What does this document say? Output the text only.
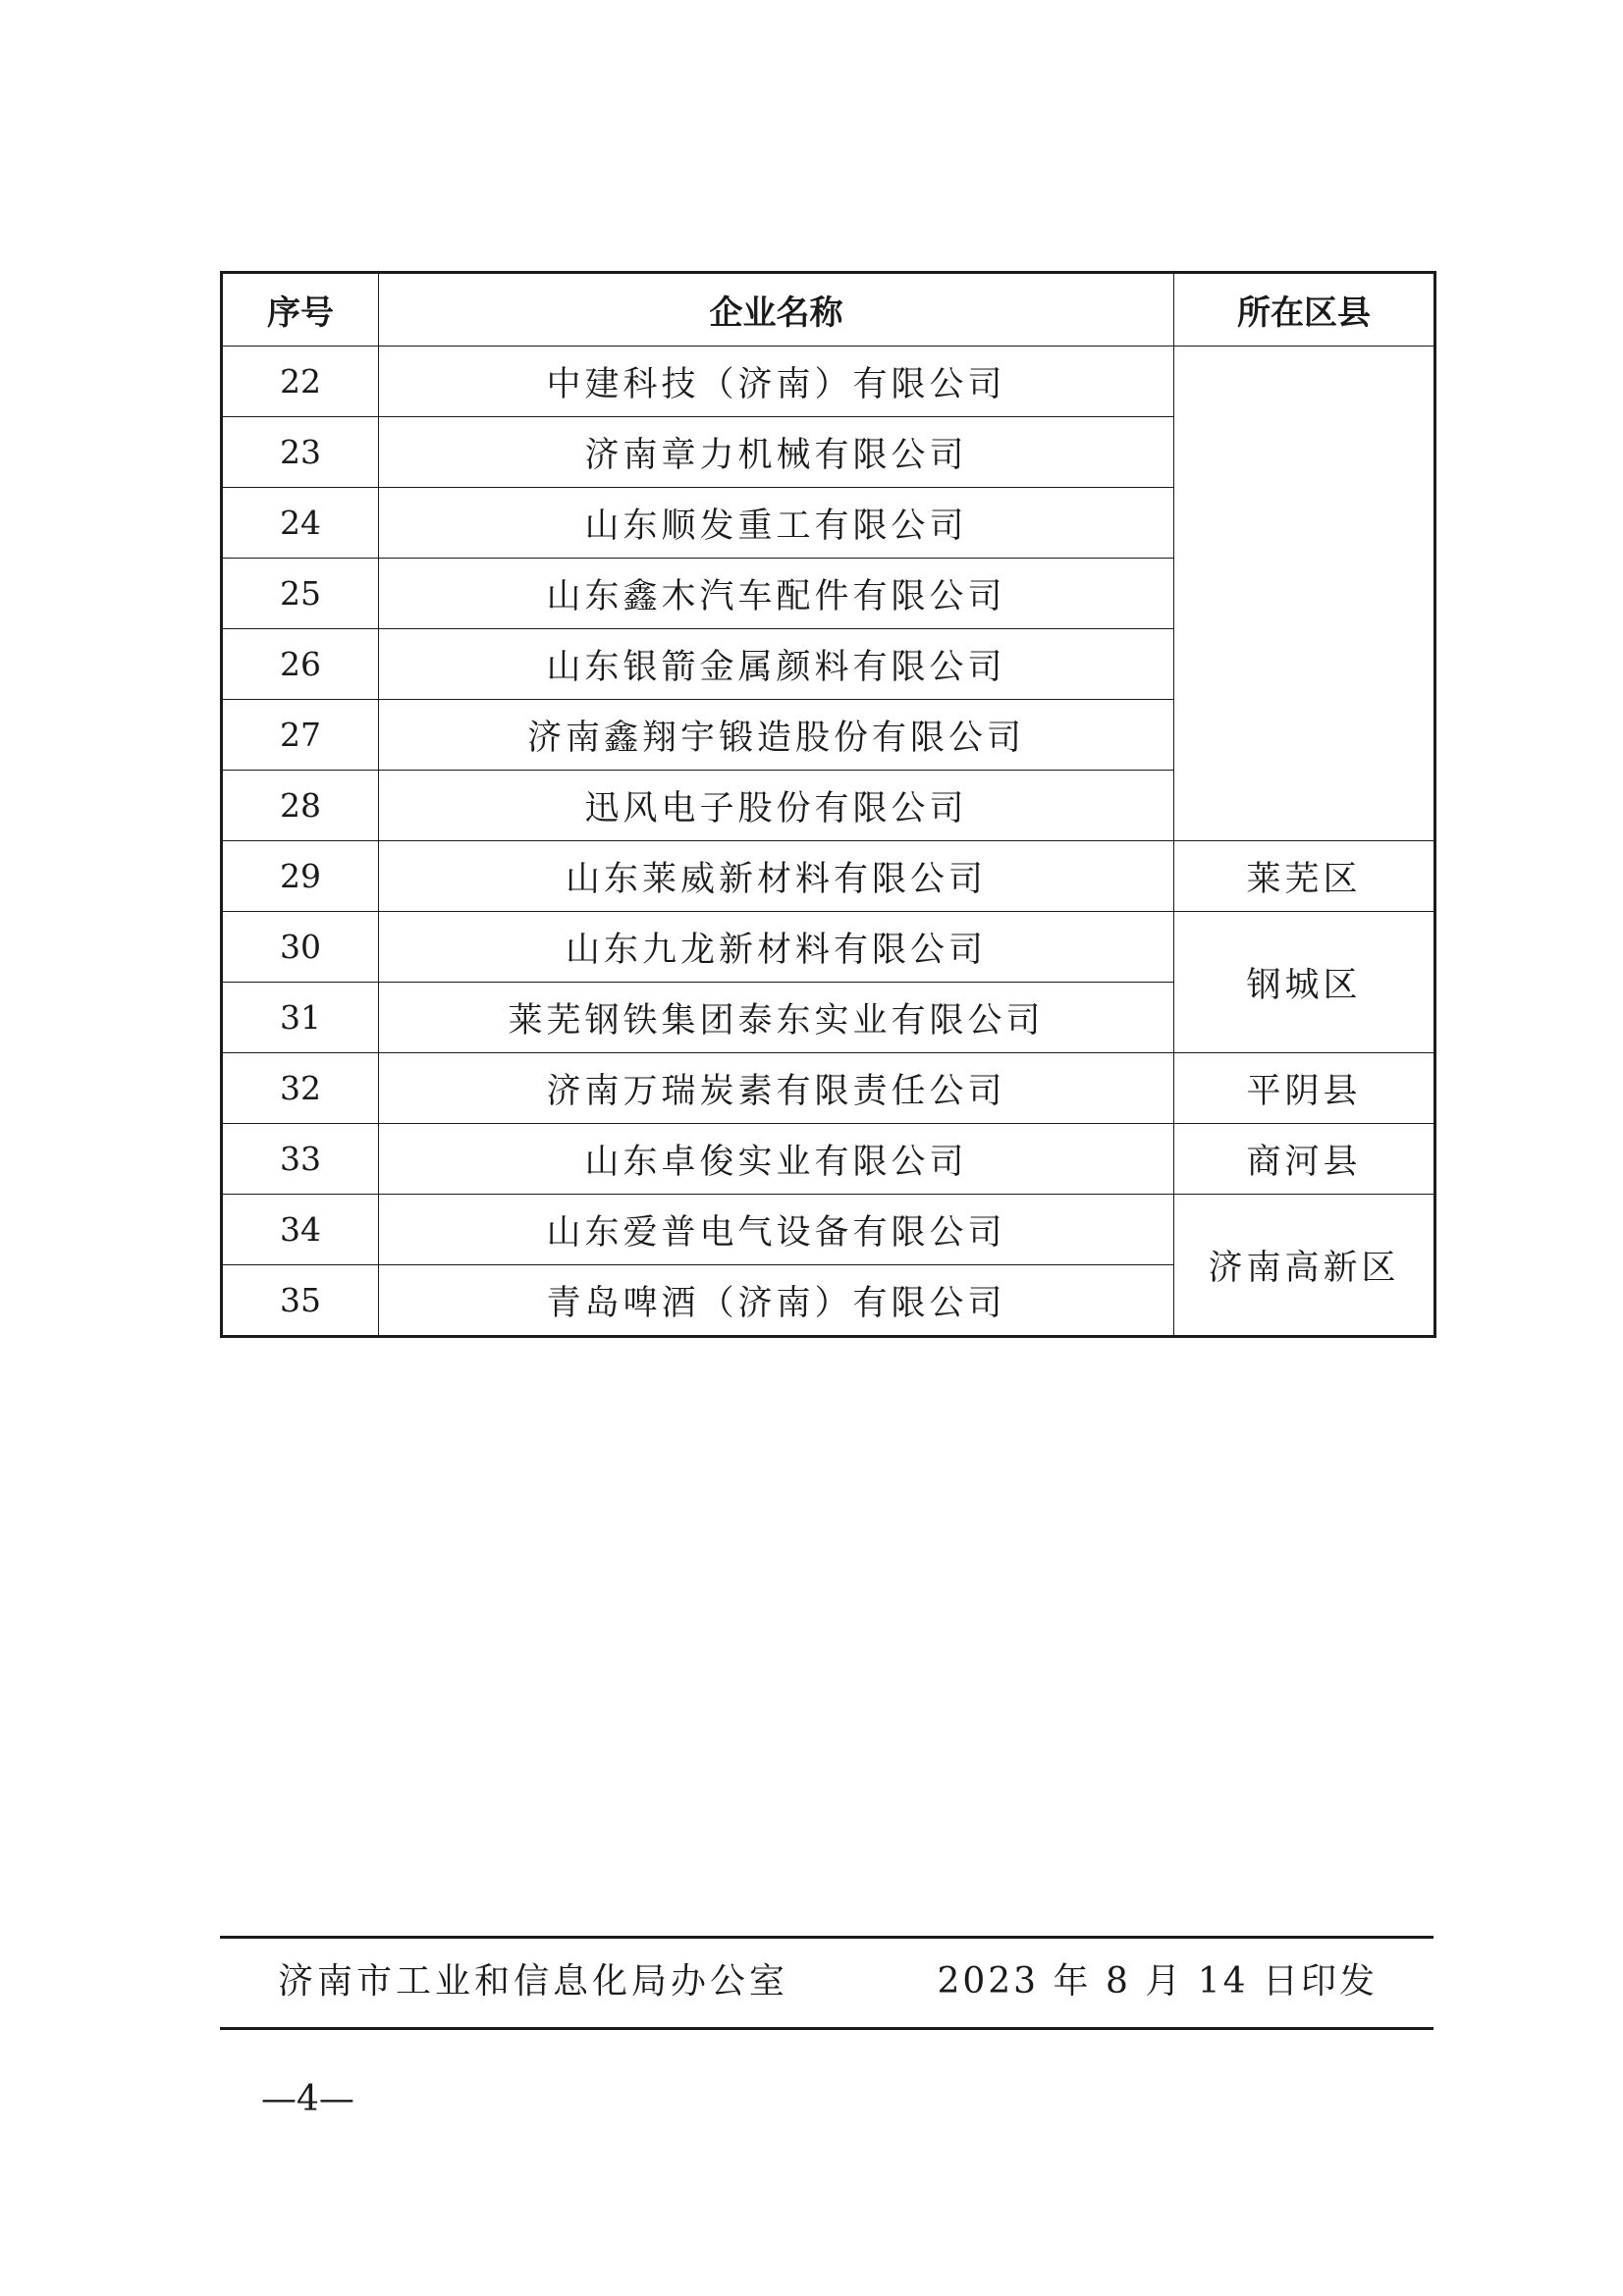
序号	企业名称	所在区县
22	中建科技（济南）有限公司	
23	济南章力机械有限公司	
24	山东顺发重工有限公司	
25	山东鑫木汽车配件有限公司	
26	山东银箭金属颜料有限公司	
27	济南鑫翔宇锻造股份有限公司	
28	迅风电子股份有限公司	
29	山东莱威新材料有限公司	莱芜区
30	山东九龙新材料有限公司	钢城区
31	莱芜钢铁集团泰东实业有限公司	
32	济南万瑞炭素有限责任公司	平阴县
33	山东卓俊实业有限公司	商河县
34	山东爱普电气设备有限公司	济南高新区
35	青岛啤酒（济南）有限公司	
济南市工业和信息化局办公室	2023 年 8 月 14 日印发
—4—
